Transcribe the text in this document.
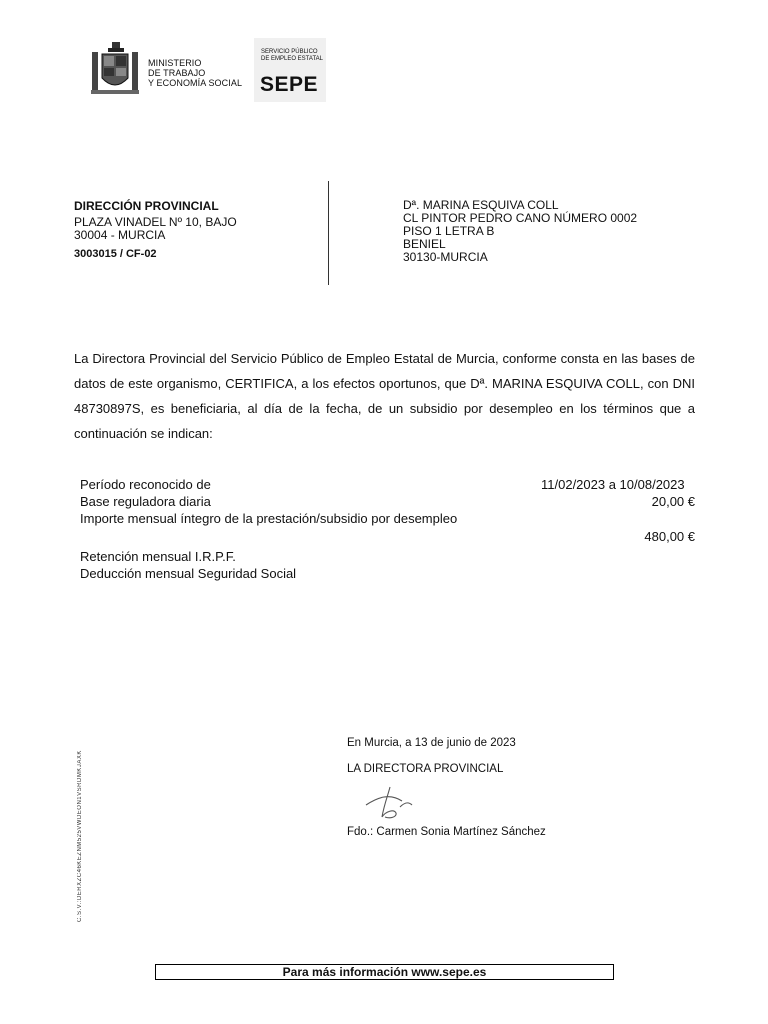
MINISTERIO
DE TRABAJO
Y ECONOMÍA SOCIAL
SERVICIO PÚBLICO
DE EMPLEO ESTATAL
SEPE
DIRECCIÓN PROVINCIAL
PLAZA VINADEL Nº 10, BAJO
30004 - MURCIA
3003015 / CF-02
Dª. MARINA ESQUIVA COLL
CL PINTOR PEDRO CANO NÚMERO 0002
PISO 1 LETRA B
BENIEL
30130-MURCIA
La Directora Provincial del Servicio Público de Empleo Estatal de Murcia, conforme consta en las bases de datos de este organismo, CERTIFICA, a los efectos oportunos, que Dª. MARINA ESQUIVA COLL, con DNI 48730897S, es beneficiaria, al día de la fecha, de un subsidio por desempleo en los términos que a continuación se indican:
Período reconocido de	11/02/2023 a 10/08/2023
Base reguladora diaria	20,00 €
Importe mensual íntegro de la prestación/subsidio por desempleo
480,00 €
Retención mensual I.R.P.F.
Deducción mensual Seguridad Social
C.S.V.:DERXZC46KEZNM525VWDEON1VSRDMKJAXK
En Murcia, a 13 de junio de 2023
LA DIRECTORA PROVINCIAL
Fdo.: Carmen Sonia Martínez Sánchez
Para más información www.sepe.es
